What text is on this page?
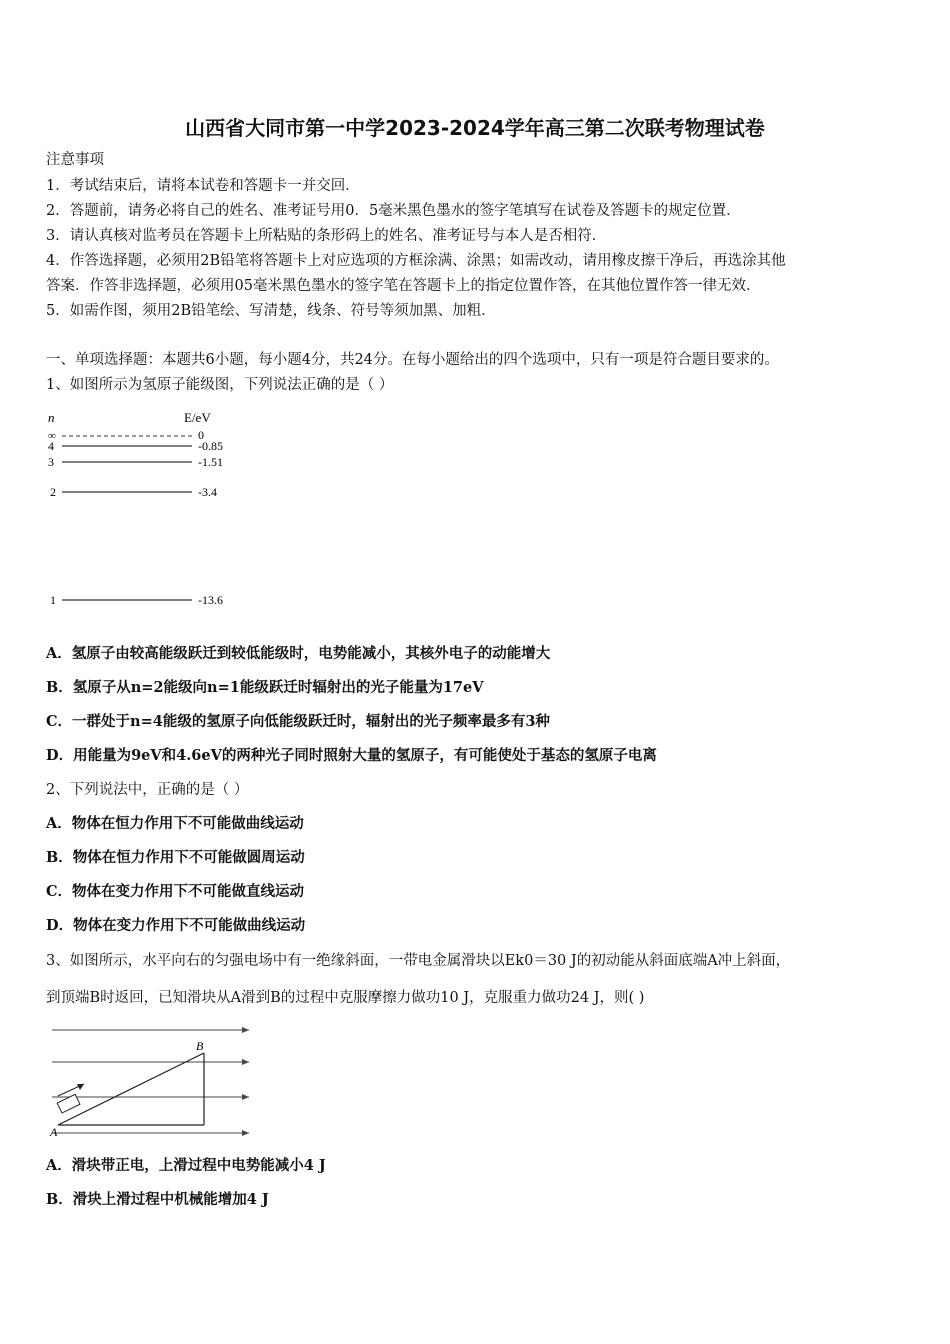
山西省大同市第一中学2023-2024学年高三第二次联考物理试卷
注意事项
1．考试结束后，请将本试卷和答题卡一并交回．
2．答题前，请务必将自己的姓名、准考证号用0．5毫米黑色墨水的签字笔填写在试卷及答题卡的规定位置．
3．请认真核对监考员在答题卡上所粘贴的条形码上的姓名、准考证号与本人是否相符．
4．作答选择题，必须用2B铅笔将答题卡上对应选项的方框涂满、涂黑；如需改动，请用橡皮擦干净后，再选涂其他
答案．作答非选择题，必须用05毫米黑色墨水的签字笔在答题卡上的指定位置作答，在其他位置作答一律无效．
5．如需作图，须用2B铅笔绘、写清楚，线条、符号等须加黑、加粗．
一、单项选择题：本题共6小题，每小题4分，共24分。在每小题给出的四个选项中，只有一项是符合题目要求的。
1、如图所示为氢原子能级图，下列说法正确的是（ ）
n	E/eV
∞	0
4	-0.85
3	-1.51
2	-3.4
1	-13.6
A．氢原子由较高能级跃迁到较低能级时，电势能减小，其核外电子的动能增大
B．氢原子从n=2能级向n=1能级跃迁时辐射出的光子能量为17eV
C．一群处于n=4能级的氢原子向低能级跃迁时，辐射出的光子频率最多有3种
D．用能量为9eV和4.6eV的两种光子同时照射大量的氢原子，有可能使处于基态的氢原子电离
2、下列说法中，正确的是（ ）
A．物体在恒力作用下不可能做曲线运动
B．物体在恒力作用下不可能做圆周运动
C．物体在变力作用下不可能做直线运动
D．物体在变力作用下不可能做曲线运动
3、如图所示，水平向右的匀强电场中有一绝缘斜面，一带电金属滑块以Ek0＝30 J的初动能从斜面底端A冲上斜面，
到顶端B时返回，已知滑块从A滑到B的过程中克服摩擦力做功10 J，克服重力做功24 J，则( )
A
B
A．滑块带正电，上滑过程中电势能减小4 J
B．滑块上滑过程中机械能增加4 J
